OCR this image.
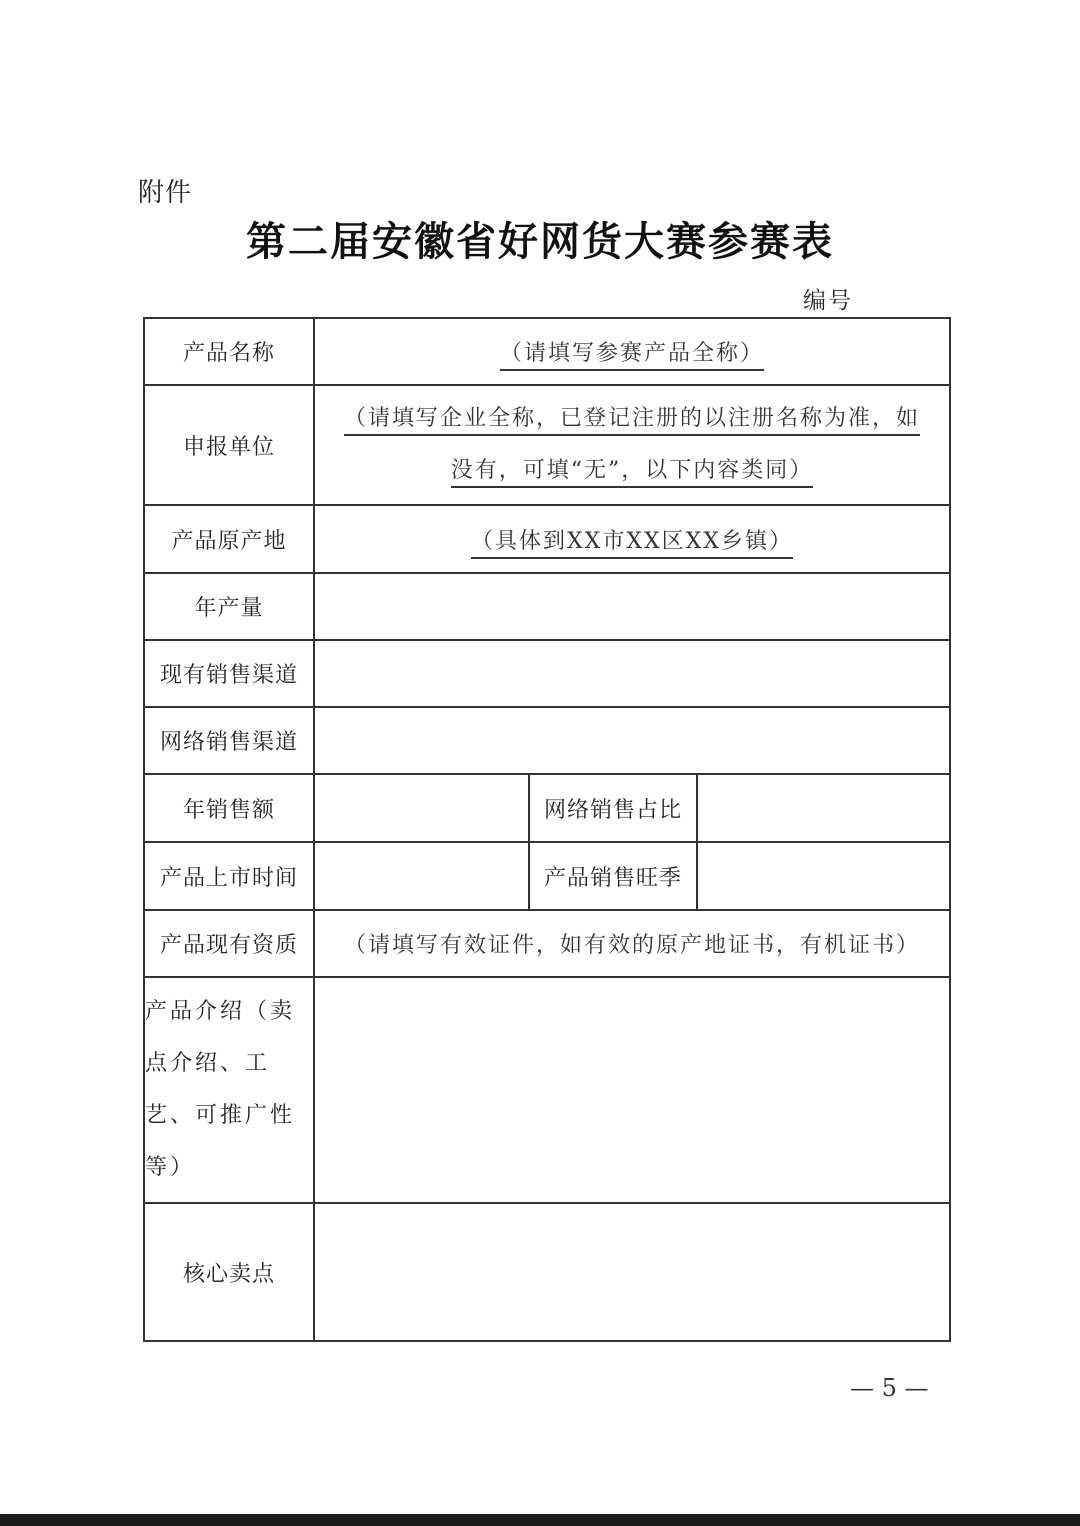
附件
第二届安徽省好网货大赛参赛表
编号
产品名称	（请填写参赛产品全称）		
申报单位	（请填写企业全称，已登记注册的以注册名称为准，如
没有，可填“无”，以下内容类同）		
产品原产地	（具体到XX市XX区XX乡镇）		
年产量			
现有销售渠道			
网络销售渠道			
年销售额		网络销售占比	
产品上市时间		产品销售旺季	
产品现有资质	（请填写有效证件，如有效的原产地证书，有机证书）		
产品介绍（卖点介绍、工艺、可推广性等）			
核心卖点			
— 5 —
